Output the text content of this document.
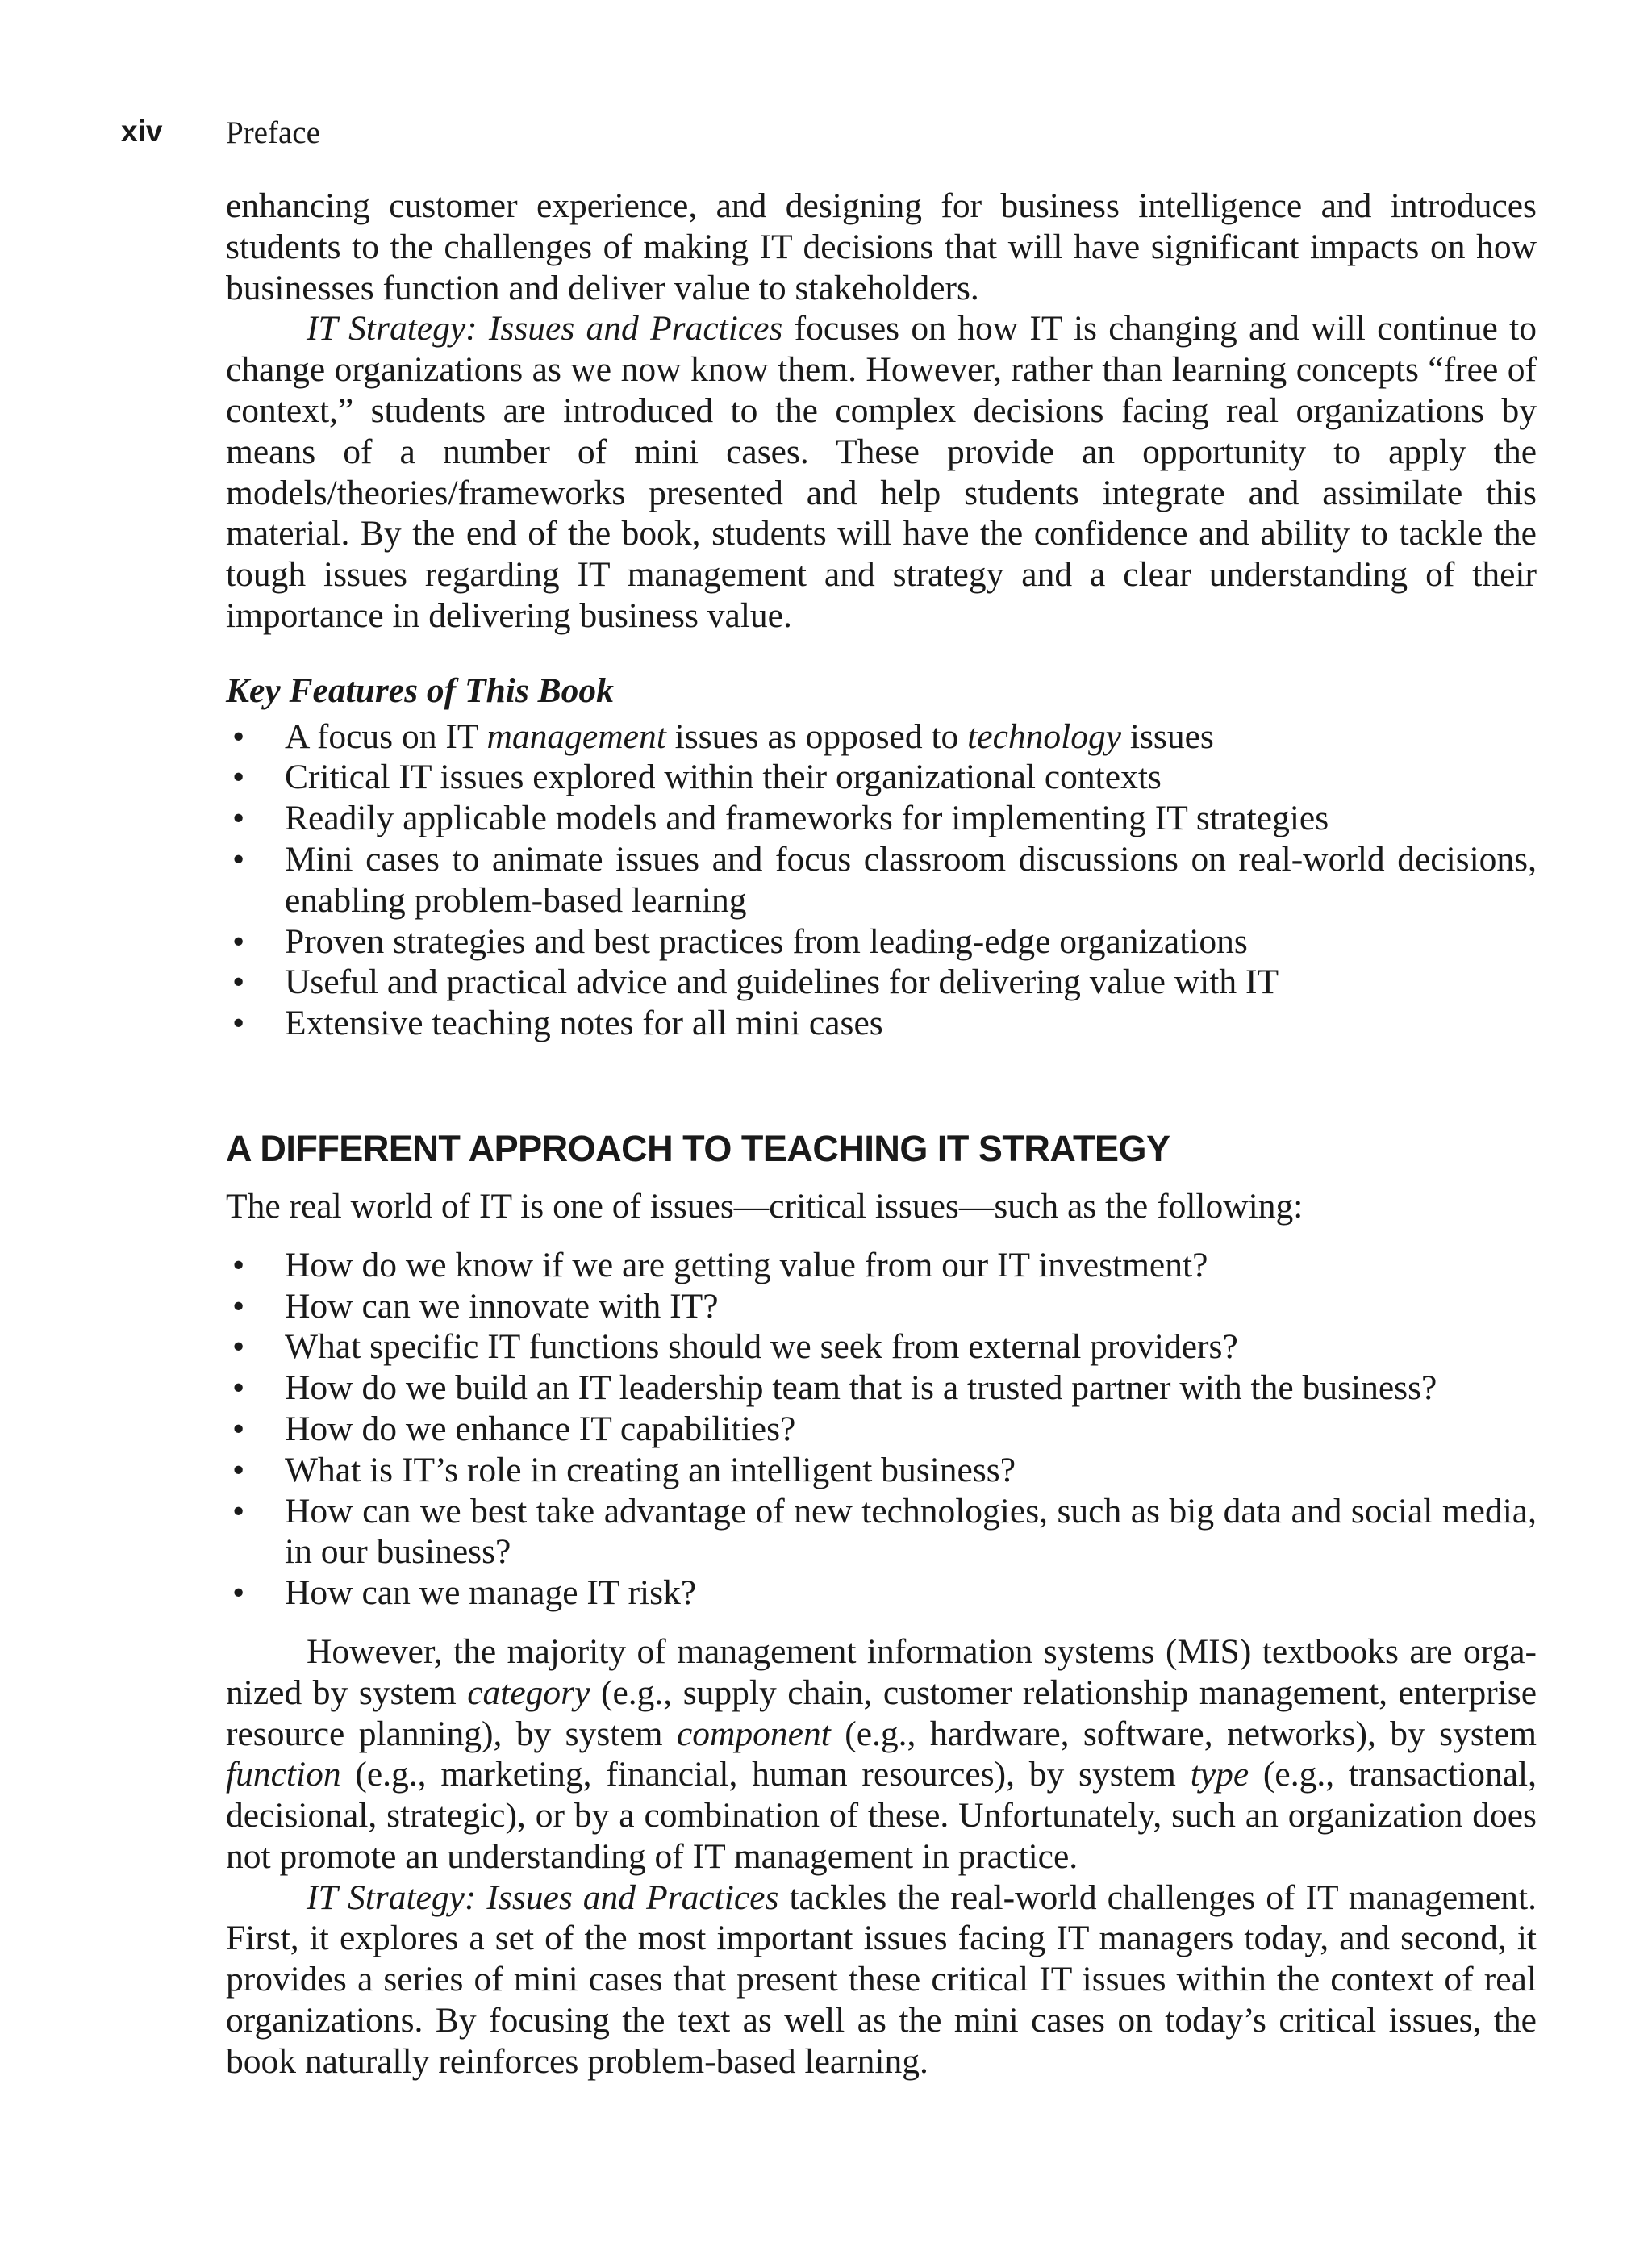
xiv Preface

enhancing customer experience, and designing for business intelligence and introduces students to the challenges of making IT decisions that will have significant impacts on how businesses function and deliver value to stakeholders.

IT Strategy: Issues and Practices focuses on how IT is changing and will continue to change organizations as we now know them. However, rather than learning concepts “free of context,” students are introduced to the complex decisions facing real organizations by means of a number of mini cases. These provide an opportunity to apply the models/theories/frameworks presented and help students integrate and assimilate this material. By the end of the book, students will have the confidence and ability to tackle the tough issues regarding IT management and strategy and a clear understanding of their importance in delivering business value.

Key Features of This Book
• A focus on IT management issues as opposed to technology issues
• Critical IT issues explored within their organizational contexts
• Readily applicable models and frameworks for implementing IT strategies
• Mini cases to animate issues and focus classroom discussions on real-world decisions, enabling problem-based learning
• Proven strategies and best practices from leading-edge organizations
• Useful and practical advice and guidelines for delivering value with IT
• Extensive teaching notes for all mini cases
A DIFFERENT APPROACH TO TEACHING IT STRATEGY

The real world of IT is one of issues—critical issues—such as the following:

• How do we know if we are getting value from our IT investment?
• How can we innovate with IT?
• What specific IT functions should we seek from external providers?
• How do we build an IT leadership team that is a trusted partner with the business?
• How do we enhance IT capabilities?
• What is IT’s role in creating an intelligent business?
• How can we best take advantage of new technologies, such as big data and social media, in our business?
• How can we manage IT risk?

However, the majority of management information systems (MIS) textbooks are organized by system category (e.g., supply chain, customer relationship management, enterprise resource planning), by system component (e.g., hardware, software, networks), by system function (e.g., marketing, financial, human resources), by system type (e.g., transactional, decisional, strategic), or by a combination of these. Unfortunately, such an organization does not promote an understanding of IT management in practice.

IT Strategy: Issues and Practices tackles the real-world challenges of IT management. First, it explores a set of the most important issues facing IT managers today, and second, it provides a series of mini cases that present these critical IT issues within the context of real organizations. By focusing the text as well as the mini cases on today’s critical issues, the book naturally reinforces problem-based learning.
